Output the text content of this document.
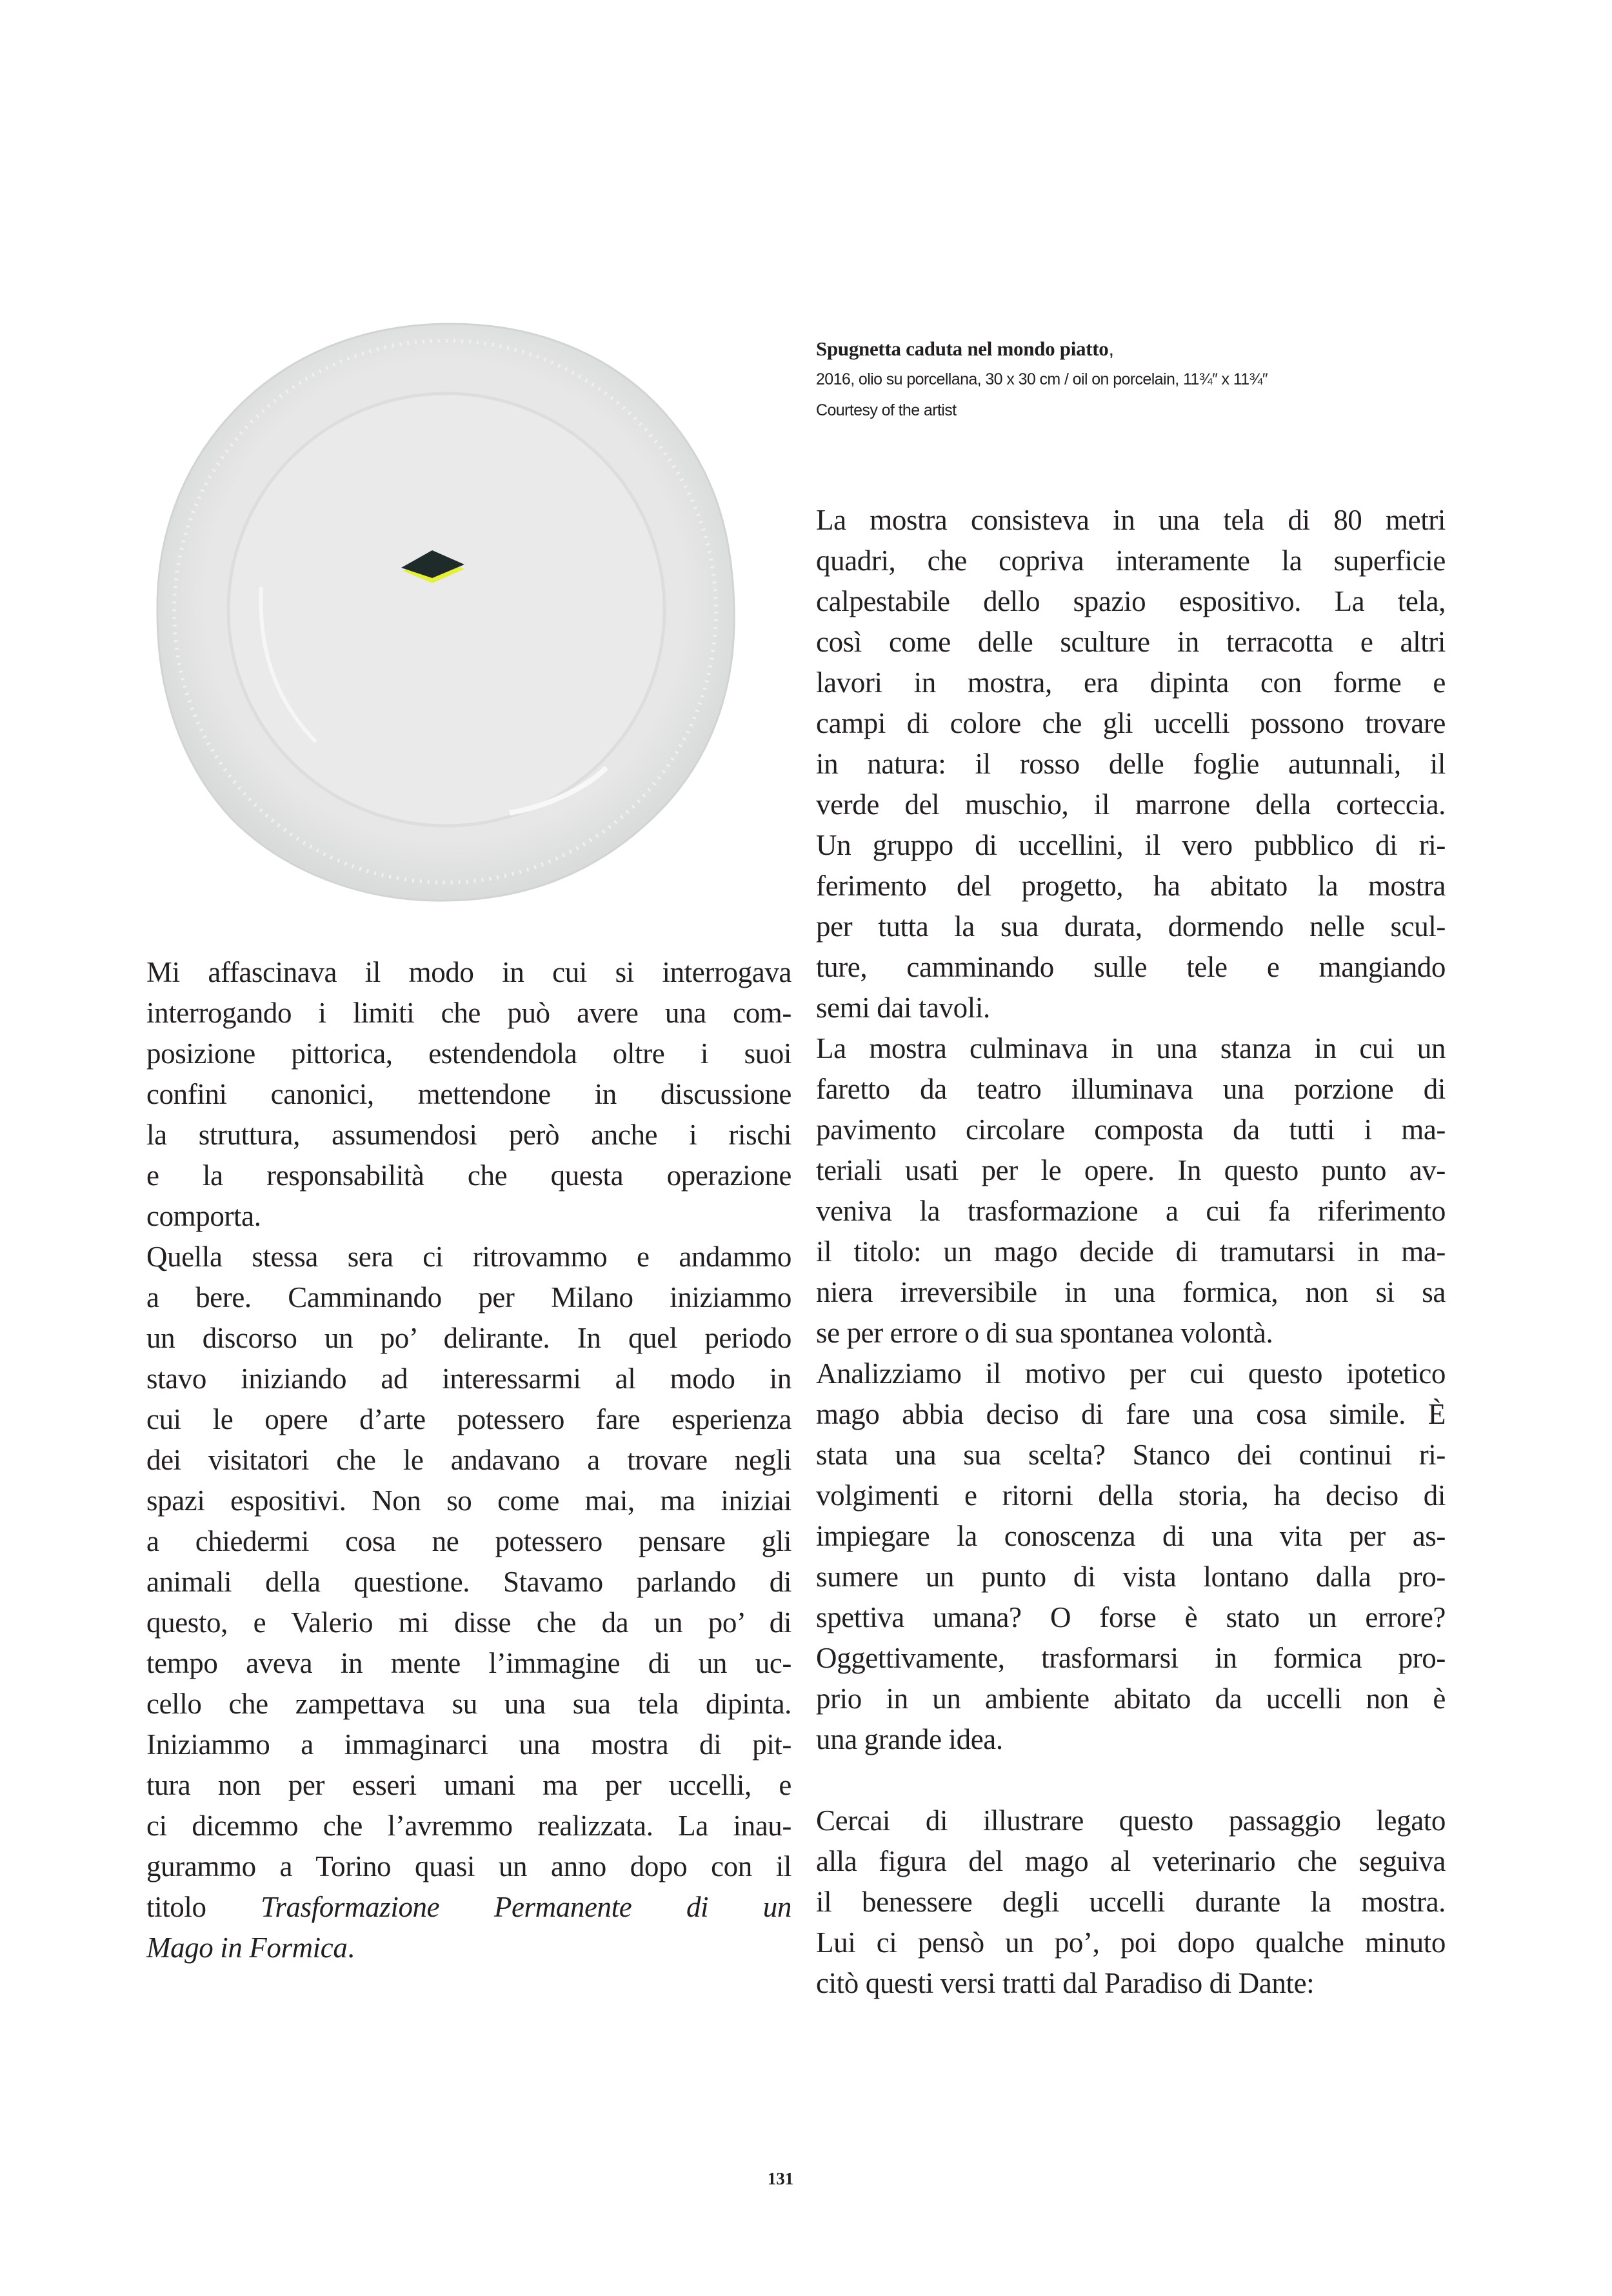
Spugnetta caduta nel mondo piatto,
2016, olio su porcellana, 30 x 30 cm / oil on porcelain, 11¾″ x 11¾″
Courtesy of the artist
Mi affascinava il modo in cui si interrogava
interrogando i limiti che può avere una com-
posizione pittorica, estendendola oltre i suoi
confini canonici, mettendone in discussione
la struttura, assumendosi però anche i rischi
e la responsabilità che questa operazione
comporta.
Quella stessa sera ci ritrovammo e andammo
a bere. Camminando per Milano iniziammo
un discorso un po’ delirante. In quel periodo
stavo iniziando ad interessarmi al modo in
cui le opere d’arte potessero fare esperienza
dei visitatori che le andavano a trovare negli
spazi espositivi. Non so come mai, ma iniziai
a chiedermi cosa ne potessero pensare gli
animali della questione. Stavamo parlando di
questo, e Valerio mi disse che da un po’ di
tempo aveva in mente l’immagine di un uc-
cello che zampettava su una sua tela dipinta.
Iniziammo a immaginarci una mostra di pit-
tura non per esseri umani ma per uccelli, e
ci dicemmo che l’avremmo realizzata. La inau-
gurammo a Torino quasi un anno dopo con il
titolo Trasformazione Permanente di un
Mago in Formica.
La mostra consisteva in una tela di 80 metri
quadri, che copriva interamente la superficie
calpestabile dello spazio espositivo. La tela,
così come delle sculture in terracotta e altri
lavori in mostra, era dipinta con forme e
campi di colore che gli uccelli possono trovare
in natura: il rosso delle foglie autunnali, il
verde del muschio, il marrone della corteccia.
Un gruppo di uccellini, il vero pubblico di ri-
ferimento del progetto, ha abitato la mostra
per tutta la sua durata, dormendo nelle scul-
ture, camminando sulle tele e mangiando
semi dai tavoli.
La mostra culminava in una stanza in cui un
faretto da teatro illuminava una porzione di
pavimento circolare composta da tutti i ma-
teriali usati per le opere. In questo punto av-
veniva la trasformazione a cui fa riferimento
il titolo: un mago decide di tramutarsi in ma-
niera irreversibile in una formica, non si sa
se per errore o di sua spontanea volontà.
Analizziamo il motivo per cui questo ipotetico
mago abbia deciso di fare una cosa simile. È
stata una sua scelta? Stanco dei continui ri-
volgimenti e ritorni della storia, ha deciso di
impiegare la conoscenza di una vita per as-
sumere un punto di vista lontano dalla pro-
spettiva umana? O forse è stato un errore?
Oggettivamente, trasformarsi in formica pro-
prio in un ambiente abitato da uccelli non è
una grande idea.
Cercai di illustrare questo passaggio legato
alla figura del mago al veterinario che seguiva
il benessere degli uccelli durante la mostra.
Lui ci pensò un po’, poi dopo qualche minuto
citò questi versi tratti dal Paradiso di Dante:
131
